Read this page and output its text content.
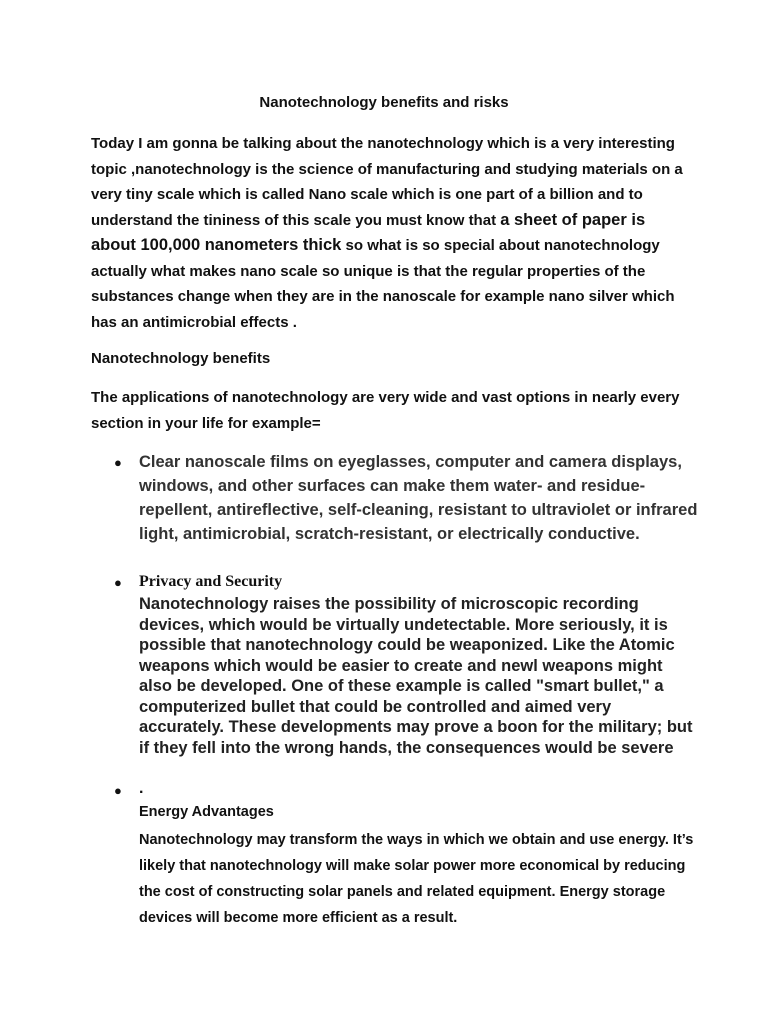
Nanotechnology benefits and risks
Today I am gonna be talking about the nanotechnology which is a very interesting topic ,nanotechnology is the science of manufacturing and studying materials on a very tiny scale which is called Nano scale which is one part of a billion and to understand the tininess of this scale you must know that a sheet of paper is about 100,000 nanometers thick so what is so special about nanotechnology actually what makes nano scale so unique is that the regular properties of the substances change when they are in the nanoscale for example nano silver which has an antimicrobial effects .
Nanotechnology benefits
The applications of nanotechnology are very wide and vast options in nearly every section in your life for example=
● Clear nanoscale films on eyeglasses, computer and camera displays, windows, and other surfaces can make them water- and residue-repellent, antireflective, self-cleaning, resistant to ultraviolet or infrared light, antimicrobial, scratch-resistant, or electrically conductive.
● Privacy and Security
Nanotechnology raises the possibility of microscopic recording devices, which would be virtually undetectable. More seriously, it is possible that nanotechnology could be weaponized. Like the Atomic weapons which would be easier to create and newl weapons might also be developed. One of these example is called "smart bullet," a computerized bullet that could be controlled and aimed very accurately. These developments may prove a boon for the military; but if they fell into the wrong hands, the consequences would be severe
● .
Energy Advantages
Nanotechnology may transform the ways in which we obtain and use energy. It’s likely that nanotechnology will make solar power more economical by reducing the cost of constructing solar panels and related equipment. Energy storage devices will become more efficient as a result.
